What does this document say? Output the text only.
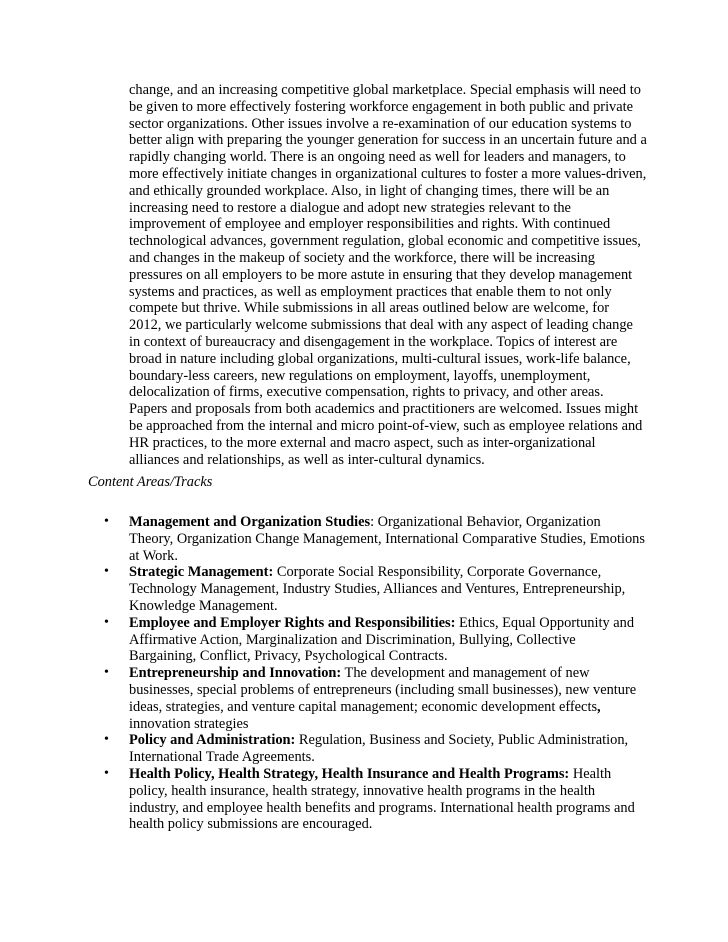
change, and an increasing competitive global marketplace. Special emphasis will need to
be given to more effectively fostering workforce engagement in both public and private
sector organizations. Other issues involve a re-examination of our education systems to
better align with preparing the younger generation for success in an uncertain future and a
rapidly changing world. There is an ongoing need as well for leaders and managers, to
more effectively initiate changes in organizational cultures to foster a more values-driven,
and ethically grounded workplace. Also, in light of changing times, there will be an
increasing need to restore a dialogue and adopt new strategies relevant to the
improvement of employee and employer responsibilities and rights. With continued
technological advances, government regulation, global economic and competitive issues,
and changes in the makeup of society and the workforce, there will be increasing
pressures on all employers to be more astute in ensuring that they develop management
systems and practices, as well as employment practices that enable them to not only
compete but thrive. While submissions in all areas outlined below are welcome, for
2012, we particularly welcome submissions that deal with any aspect of leading change
in context of bureaucracy and disengagement in the workplace. Topics of interest are
broad in nature including global organizations, multi-cultural issues, work-life balance,
boundary-less careers, new regulations on employment, layoffs, unemployment,
delocalization of firms, executive compensation, rights to privacy, and other areas.
Papers and proposals from both academics and practitioners are welcomed. Issues might
be approached from the internal and micro point-of-view, such as employee relations and
HR practices, to the more external and macro aspect, such as inter-organizational
alliances and relationships, as well as inter-cultural dynamics.

Content Areas/Tracks

• Management and Organization Studies: Organizational Behavior, Organization
Theory, Organization Change Management, International Comparative Studies, Emotions
at Work.
• Strategic Management: Corporate Social Responsibility, Corporate Governance,
Technology Management, Industry Studies, Alliances and Ventures, Entrepreneurship,
Knowledge Management.
• Employee and Employer Rights and Responsibilities: Ethics, Equal Opportunity and
Affirmative Action, Marginalization and Discrimination, Bullying, Collective
Bargaining, Conflict, Privacy, Psychological Contracts.
• Entrepreneurship and Innovation: The development and management of new
businesses, special problems of entrepreneurs (including small businesses), new venture
ideas, strategies, and venture capital management; economic development effects,
innovation strategies
• Policy and Administration: Regulation, Business and Society, Public Administration,
International Trade Agreements.
• Health Policy, Health Strategy, Health Insurance and Health Programs: Health
policy, health insurance, health strategy, innovative health programs in the health
industry, and employee health benefits and programs. International health programs and
health policy submissions are encouraged.
